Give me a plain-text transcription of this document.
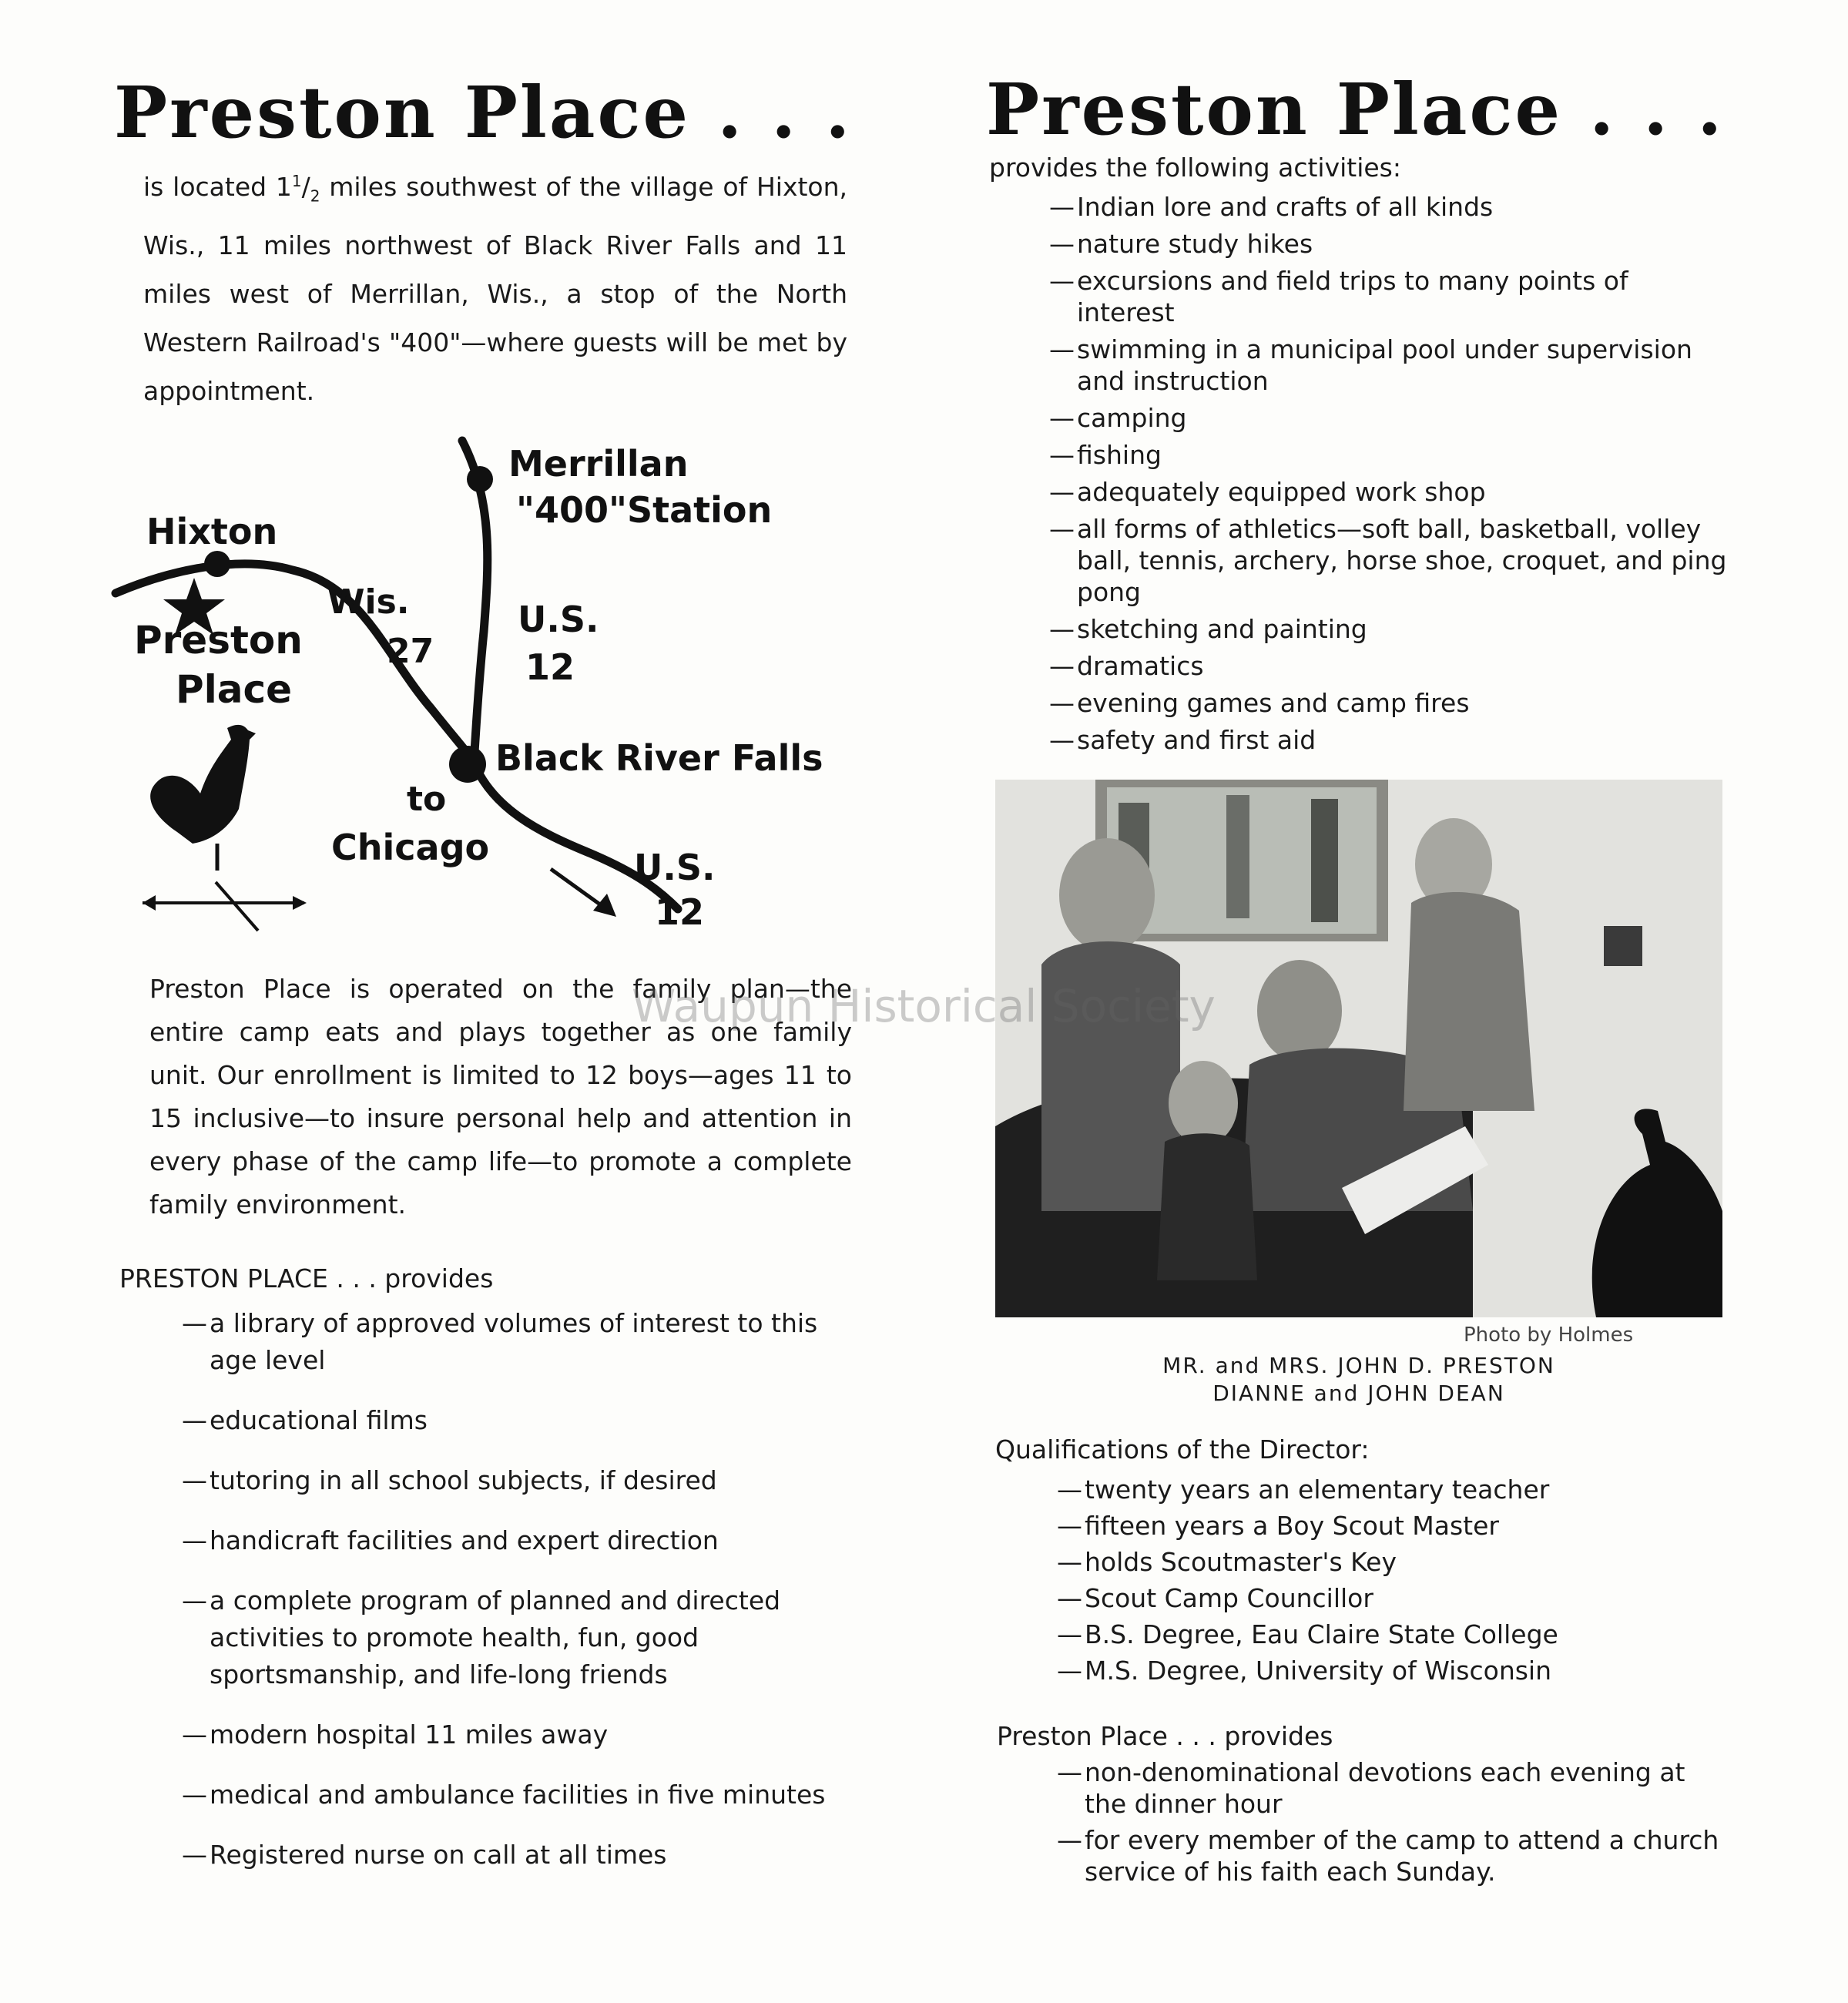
Preston Place . . .
is located $1^1/_2$ miles southwest of the village of Hixton, Wis., 11 miles northwest of Black River Falls and 11 miles west of Merrillan, Wis., a stop of the North Western Railroad's "400"—where guests will be met by appointment.
Hixton
Preston
Place
Wis.
27
Merrillan
"400"Station
U.S.
12
Black River Falls
to
Chicago	U.S.
12
Preston Place is operated on the family plan—the entire camp eats and plays together as one family unit. Our enrollment is limited to 12 boys—ages 11 to 15 inclusive—to insure personal help and attention in every phase of the camp life—to promote a complete family environment.
PRESTON PLACE . . . provides
—a library of approved volumes of interest to this age level
—educational films
—tutoring in all school subjects, if desired
—handicraft facilities and expert direction
—a complete program of planned and directed activities to promote health, fun, good sportsmanship, and life-long friends
—modern hospital 11 miles away
—medical and ambulance facilities in five minutes
—Registered nurse on call at all times
Preston Place . . .
provides the following activities:
—Indian lore and crafts of all kinds
—nature study hikes
—excursions and field trips to many points of interest
—swimming in a municipal pool under supervision and instruction
—camping
—fishing
—adequately equipped work shop
—all forms of athletics—soft ball, basketball, volley ball, tennis, archery, horse shoe, croquet, and ping pong
—sketching and painting
—dramatics
—evening games and camp fires
—safety and first aid
Photo by Holmes
MR. and MRS. JOHN D. PRESTON
DIANNE and JOHN DEAN
Qualifications of the Director:
—twenty years an elementary teacher
—fifteen years a Boy Scout Master
—holds Scoutmaster's Key
—Scout Camp Councillor
—B.S. Degree, Eau Claire State College
—M.S. Degree, University of Wisconsin
Preston Place . . . provides
—non-denominational devotions each evening at the dinner hour
—for every member of the camp to attend a church service of his faith each Sunday.
Waupun Historical Society
